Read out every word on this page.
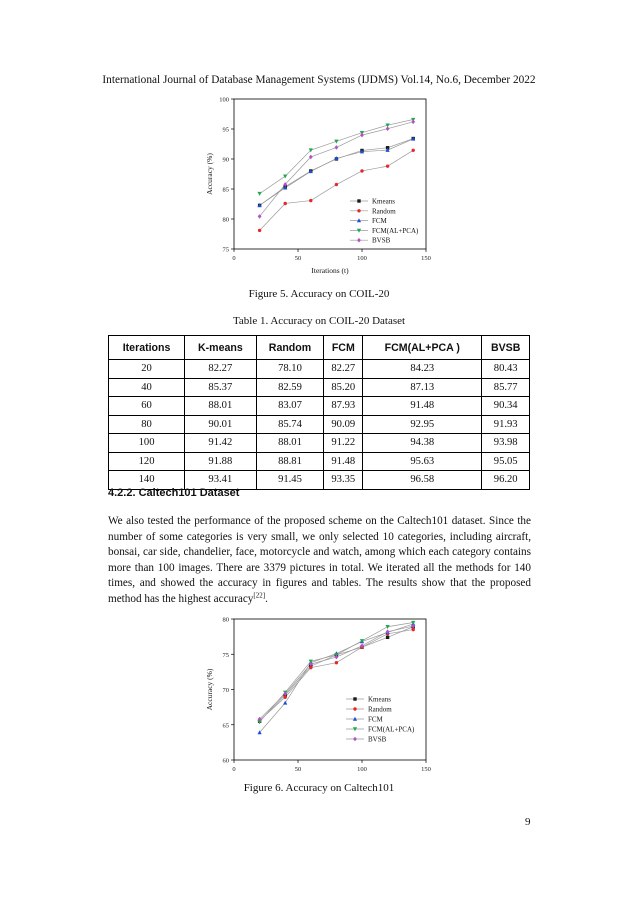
International Journal of Database Management Systems (IJDMS) Vol.14, No.6, December 2022
75
80
85
90
95
100
0	50	100	150
Iterations (t)
Accuracy (%)
Kmeans
Random
FCM
FCM(AL+PCA)
BVSB
Figure 5. Accuracy on COIL-20
Table 1. Accuracy on COIL-20 Dataset
Iterations	K-means	Random	FCM	FCM(AL+PCA )	BVSB
20	82.27	78.10	82.27	84.23	80.43
40	85.37	82.59	85.20	87.13	85.77
60	88.01	83.07	87.93	91.48	90.34
80	90.01	85.74	90.09	92.95	91.93
100	91.42	88.01	91.22	94.38	93.98
120	91.88	88.81	91.48	95.63	95.05
140	93.41	91.45	93.35	96.58	96.20
4.2.2. Caltech101 Dataset
We also tested the performance of the proposed scheme on the Caltech101 dataset. Since the number of some categories is very small, we only selected 10 categories, including aircraft, bonsai, car side, chandelier, face, motorcycle and watch, among which each category contains more than 100 images. There are 3379 pictures in total. We iterated all the methods for 140 times, and showed the accuracy in figures and tables. The results show that the proposed method has the highest accuracy[22].
60
65
70
75
80
0	50	100	150
Accuracy (%)	Kmeans
Random
FCM
FCM(AL+PCA)
BVSB
Figure 6. Accuracy on Caltech101
9
